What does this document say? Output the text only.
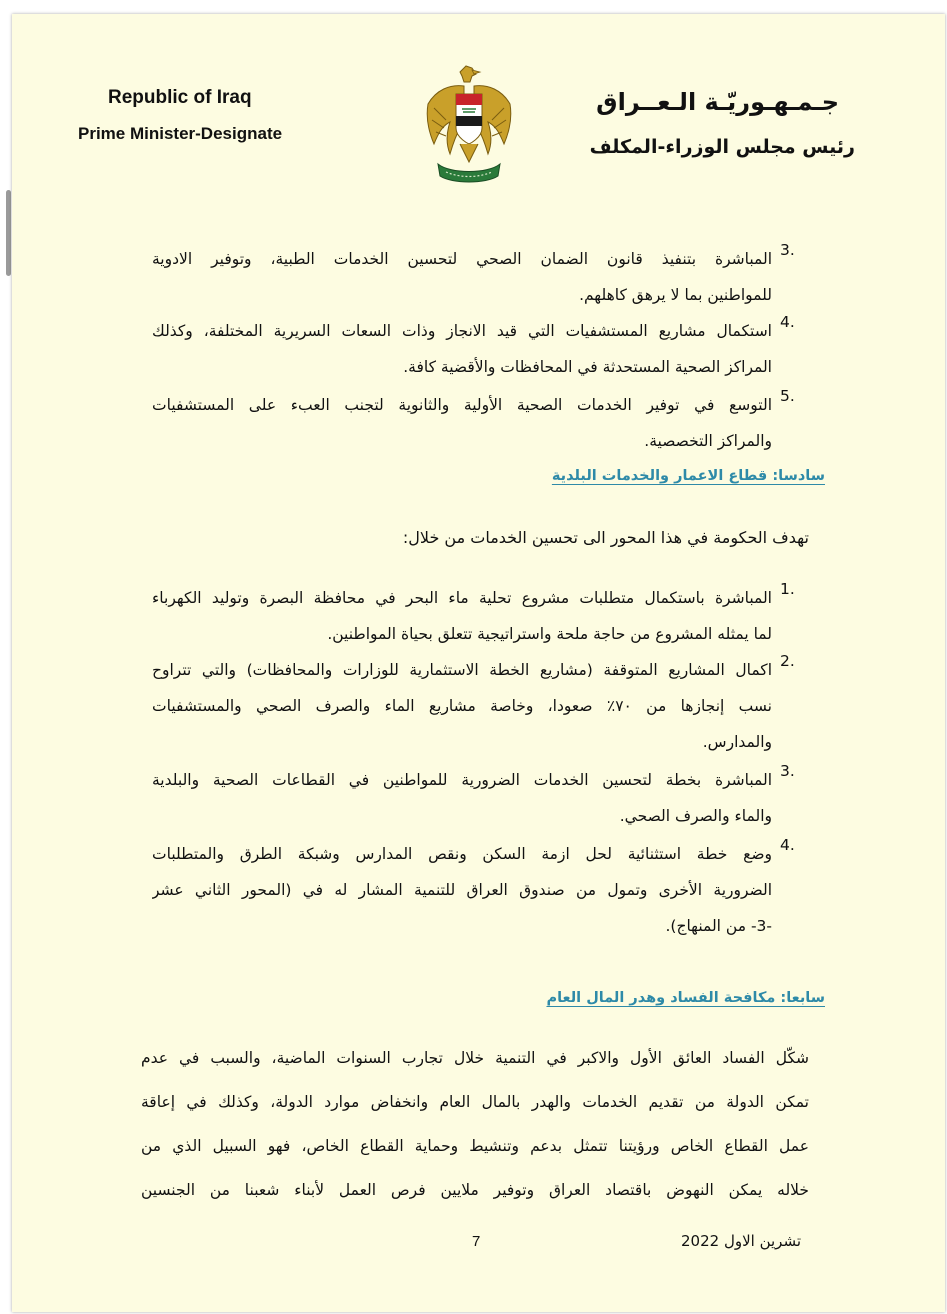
Republic of Iraq
Prime Minister-Designate
جـمـهـوريّـة الـعــراق
رئيس مجلس الوزراء-المكلف
3.
المباشرة بتنفيذ قانون الضمان الصحي لتحسين الخدمات الطبية، وتوفير الادوية
للمواطنين بما لا يرهق كاهلهم.
4.
استكمال مشاريع المستشفيات التي قيد الانجاز وذات السعات السريرية المختلفة، وكذلك
المراكز الصحية المستحدثة في المحافظات والأقضية كافة.
5.
التوسع في توفير الخدمات الصحية الأولية والثانوية لتجنب العبء على المستشفيات
والمراكز التخصصية.
سادسا: قطاع الاعمار والخدمات البلدية
تهدف الحكومة في هذا المحور الى تحسين الخدمات من خلال:
1.
المباشرة باستكمال متطلبات مشروع تحلية ماء البحر في محافظة البصرة وتوليد الكهرباء
لما يمثله المشروع من حاجة ملحة واستراتيجية تتعلق بحياة المواطنين.
2.
اكمال المشاريع المتوقفة (مشاريع الخطة الاستثمارية للوزارات والمحافظات) والتي تتراوح
نسب إنجازها من ٧٠٪ صعودا، وخاصة مشاريع الماء والصرف الصحي والمستشفيات
والمدارس.
3.
المباشرة بخطة لتحسين الخدمات الضرورية للمواطنين في القطاعات الصحية والبلدية
والماء والصرف الصحي.
4.
وضع خطة استثنائية لحل ازمة السكن ونقص المدارس وشبكة الطرق والمتطلبات
الضرورية الأخرى وتمول من صندوق العراق للتنمية المشار له في (المحور الثاني عشر
-3- من المنهاج).
سابعا: مكافحة الفساد وهدر المال العام
شكّل الفساد العائق الأول والاكبر في التنمية خلال تجارب السنوات الماضية، والسبب في عدم
تمكن الدولة من تقديم الخدمات والهدر بالمال العام وانخفاض موارد الدولة، وكذلك في إعاقة
عمل القطاع الخاص ورؤيتنا تتمثل بدعم وتنشيط وحماية القطاع الخاص، فهو السبيل الذي من
خلاله يمكن النهوض باقتصاد العراق وتوفير ملايين فرص العمل لأبناء شعبنا من الجنسين
تشرين الاول 2022
7
